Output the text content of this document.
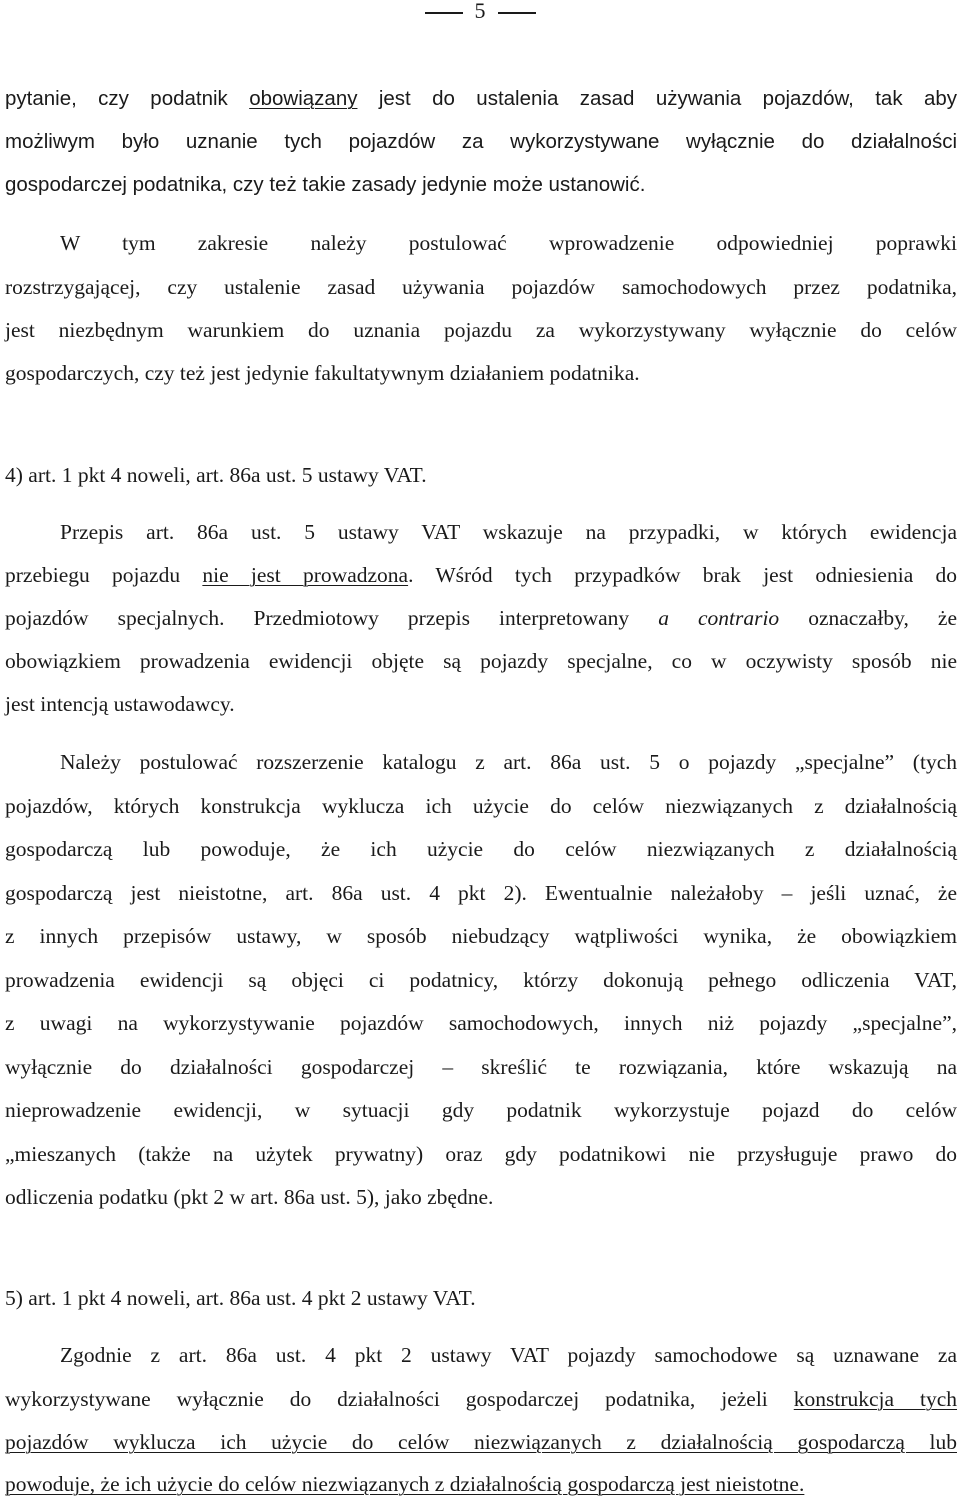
5
pytanie, czy podatnik obowiązany jest do ustalenia zasad używania pojazdów, tak aby
możliwym było uznanie tych pojazdów za wykorzystywane wyłącznie do działalności
gospodarczej podatnika, czy też takie zasady jedynie może ustanowić.
W tym zakresie należy postulować wprowadzenie odpowiedniej poprawki
rozstrzygającej, czy ustalenie zasad używania pojazdów samochodowych przez podatnika,
jest niezbędnym warunkiem do uznania pojazdu za wykorzystywany wyłącznie do celów
gospodarczych, czy też jest jedynie fakultatywnym działaniem podatnika.
4) art. 1 pkt 4 noweli, art. 86a ust. 5 ustawy VAT.
Przepis art. 86a ust. 5 ustawy VAT wskazuje na przypadki, w których ewidencja
przebiegu pojazdu nie jest prowadzona. Wśród tych przypadków brak jest odniesienia do
pojazdów specjalnych. Przedmiotowy przepis interpretowany a contrario oznaczałby, że
obowiązkiem prowadzenia ewidencji objęte są pojazdy specjalne, co w oczywisty sposób nie
jest intencją ustawodawcy.
Należy postulować rozszerzenie katalogu z art. 86a ust. 5 o pojazdy „specjalne” (tych
pojazdów, których konstrukcja wyklucza ich użycie do celów niezwiązanych z działalnością
gospodarczą lub powoduje, że ich użycie do celów niezwiązanych z działalnością
gospodarczą jest nieistotne, art. 86a ust. 4 pkt 2). Ewentualnie należałoby – jeśli uznać, że
z innych przepisów ustawy, w sposób niebudzący wątpliwości wynika, że obowiązkiem
prowadzenia ewidencji są objęci ci podatnicy, którzy dokonują pełnego odliczenia VAT,
z uwagi na wykorzystywanie pojazdów samochodowych, innych niż pojazdy „specjalne”,
wyłącznie do działalności gospodarczej – skreślić te rozwiązania, które wskazują na
nieprowadzenie ewidencji, w sytuacji gdy podatnik wykorzystuje pojazd do celów
„mieszanych (także na użytek prywatny) oraz gdy podatnikowi nie przysługuje prawo do
odliczenia podatku (pkt 2 w art. 86a ust. 5), jako zbędne.
5) art. 1 pkt 4 noweli, art. 86a ust. 4 pkt 2 ustawy VAT.
Zgodnie z art. 86a ust. 4 pkt 2 ustawy VAT pojazdy samochodowe są uznawane za
wykorzystywane wyłącznie do działalności gospodarczej podatnika, jeżeli konstrukcja tych
pojazdów wyklucza ich użycie do celów niezwiązanych z działalnością gospodarczą lub
powoduje, że ich użycie do celów niezwiązanych z działalnością gospodarczą jest nieistotne.
